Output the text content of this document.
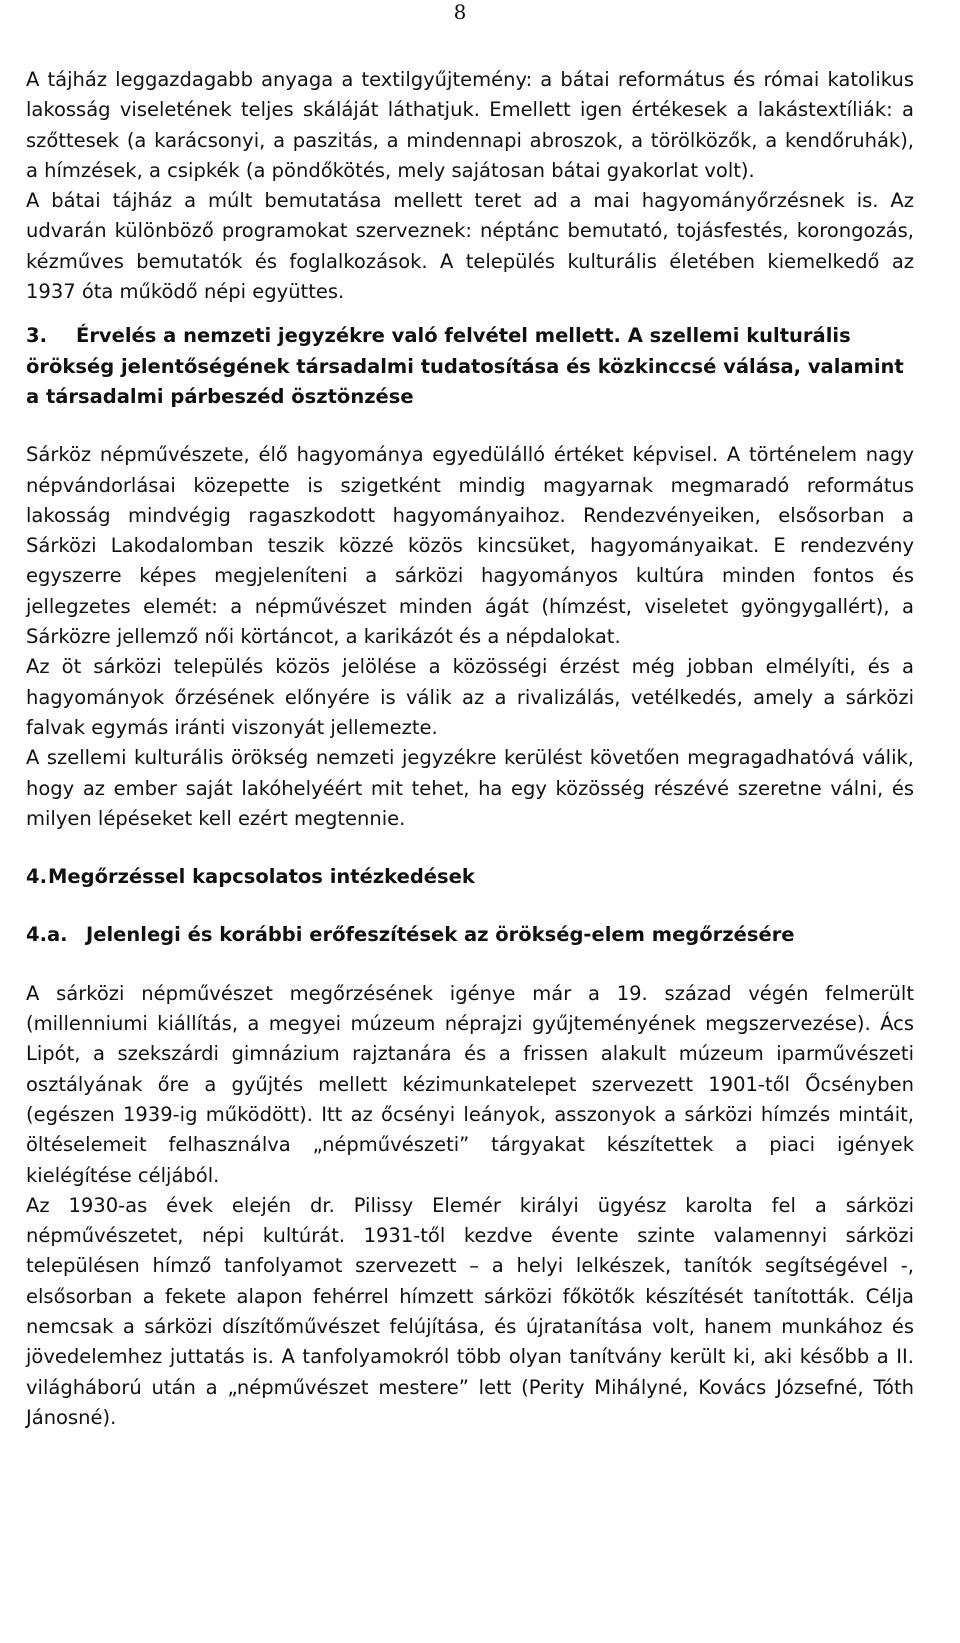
8

A tájház leggazdagabb anyaga a textilgyűjtemény: a bátai református és római katolikus lakosság viseletének teljes skáláját láthatjuk. Emellett igen értékesek a lakástextíliák: a szőttesek (a karácsonyi, a paszitás, a mindennapi abroszok, a törölközők, a kendőruhák), a hímzések, a csipkék (a pöndőkötés, mely sajátosan bátai gyakorlat volt).

A bátai tájház a múlt bemutatása mellett teret ad a mai hagyományőrzésnek is. Az udvarán különböző programokat szerveznek: néptánc bemutató, tojásfestés, korongozás, kézműves bemutatók és foglalkozások. A település kulturális életében kiemelkedő az 1937 óta működő népi együttes.

3. Érvelés a nemzeti jegyzékre való felvétel mellett. A szellemi kulturális örökség jelentőségének társadalmi tudatosítása és közkinccsé válása, valamint a társadalmi párbeszéd ösztönzése

Sárköz népművészete, élő hagyománya egyedülálló értéket képvisel. A történelem nagy népvándorlásai közepette is szigetként mindig magyarnak megmaradó református lakosság mindvégig ragaszkodott hagyományaihoz. Rendezvényeiken, elsősorban a Sárközi Lakodalomban teszik közzé közös kincsüket, hagyományaikat. E rendezvény egyszerre képes megjeleníteni a sárközi hagyományos kultúra minden fontos és jellegzetes elemét: a népművészet minden ágát (hímzést, viseletet gyöngygallért), a Sárközre jellemző női körtáncot, a karikázót és a népdalokat.

Az öt sárközi település közös jelölése a közösségi érzést még jobban elmélyíti, és a hagyományok őrzésének előnyére is válik az a rivalizálás, vetélkedés, amely a sárközi falvak egymás iránti viszonyát jellemezte.

A szellemi kulturális örökség nemzeti jegyzékre kerülést követően megragadhatóvá válik, hogy az ember saját lakóhelyéért mit tehet, ha egy közösség részévé szeretne válni, és milyen lépéseket kell ezért megtennie.

4.Megőrzéssel kapcsolatos intézkedések

4.a. Jelenlegi és korábbi erőfeszítések az örökség-elem megőrzésére

A sárközi népművészet megőrzésének igénye már a 19. század végén felmerült (millenniumi kiállítás, a megyei múzeum néprajzi gyűjteményének megszervezése). Ács Lipót, a szekszárdi gimnázium rajztanára és a frissen alakult múzeum iparművészeti osztályának őre a gyűjtés mellett kézimunkatelepet szervezett 1901-től Őcsényben (egészen 1939-ig működött). Itt az őcsényi leányok, asszonyok a sárközi hímzés mintáit, öltéselemeit felhasználva „népművészeti” tárgyakat készítettek a piaci igények kielégítése céljából.

Az 1930-as évek elején dr. Pilissy Elemér királyi ügyész karolta fel a sárközi népművészetet, népi kultúrát. 1931-től kezdve évente szinte valamennyi sárközi településen hímző tanfolyamot szervezett – a helyi lelkészek, tanítók segítségével -, elsősorban a fekete alapon fehérrel hímzett sárközi főkötők készítését tanították. Célja nemcsak a sárközi díszítőművészet felújítása, és újratanítása volt, hanem munkához és jövedelemhez juttatás is. A tanfolyamokról több olyan tanítvány került ki, aki később a II. világháború után a „népművészet mestere” lett (Perity Mihályné, Kovács Józsefné, Tóth Jánosné).
